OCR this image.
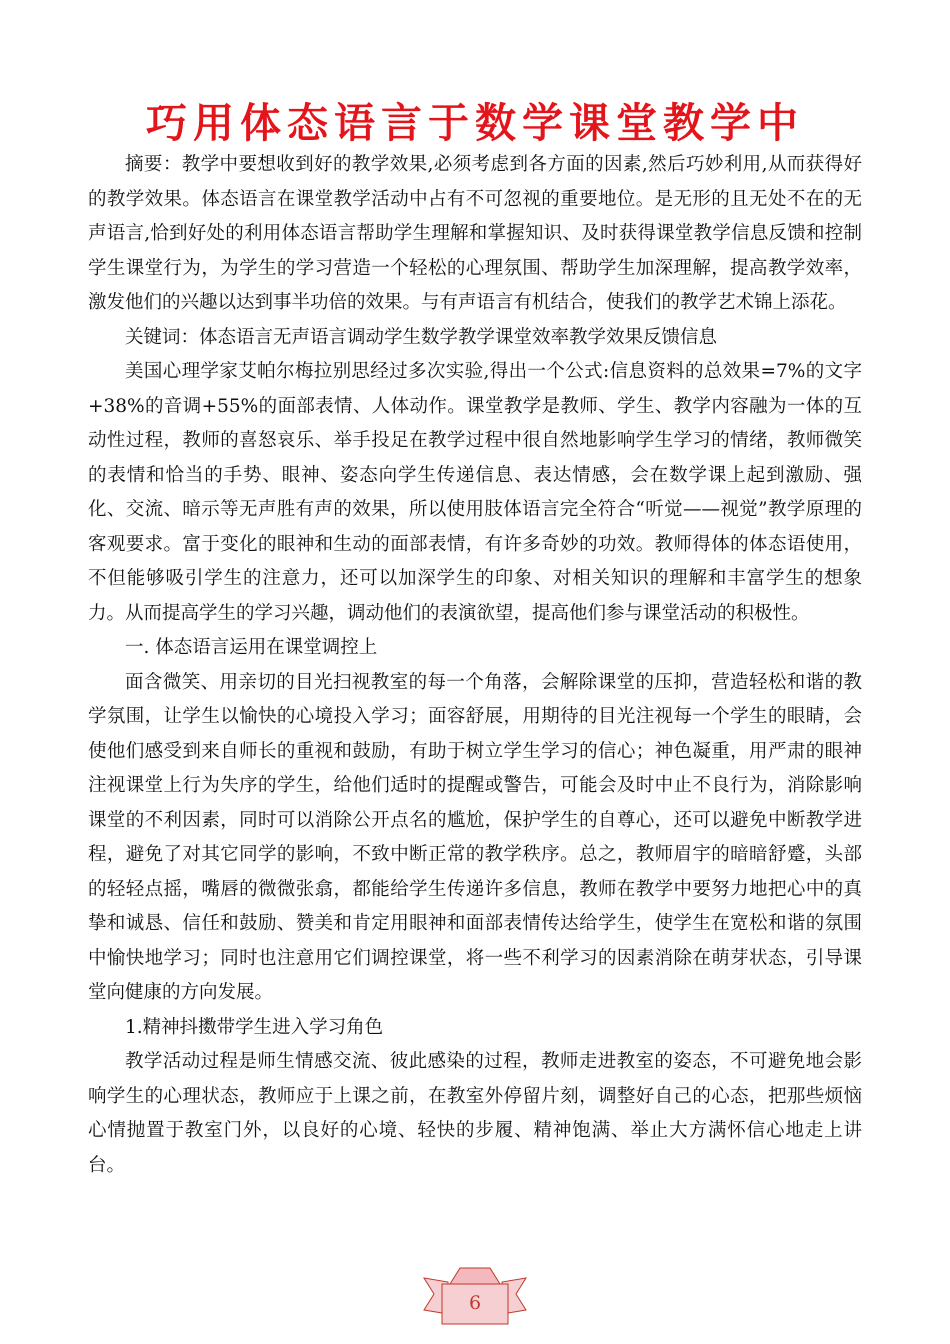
巧用体态语言于数学课堂教学中

摘要：教学中要想收到好的教学效果,必须考虑到各方面的因素,然后巧妙利用,从而获得好的教学效果。体态语言在课堂教学活动中占有不可忽视的重要地位。是无形的且无处不在的无声语言,恰到好处的利用体态语言帮助学生理解和掌握知识、及时获得课堂教学信息反馈和控制学生课堂行为，为学生的学习营造一个轻松的心理氛围、帮助学生加深理解，提高教学效率，激发他们的兴趣以达到事半功倍的效果。与有声语言有机结合，使我们的教学艺术锦上添花。

关键词：体态语言无声语言调动学生数学教学课堂效率教学效果反馈信息

美国心理学家艾帕尔梅拉别思经过多次实验,得出一个公式:信息资料的总效果=7%的文字+38%的音调+55%的面部表情、人体动作。课堂教学是教师、学生、教学内容融为一体的互动性过程，教师的喜怒哀乐、举手投足在教学过程中很自然地影响学生学习的情绪，教师微笑的表情和恰当的手势、眼神、姿态向学生传递信息、表达情感，会在数学课上起到激励、强化、交流、暗示等无声胜有声的效果，所以使用肢体语言完全符合“听觉——视觉”教学原理的客观要求。富于变化的眼神和生动的面部表情，有许多奇妙的功效。教师得体的体态语使用，不但能够吸引学生的注意力，还可以加深学生的印象、对相关知识的理解和丰富学生的想象力。从而提高学生的学习兴趣，调动他们的表演欲望，提高他们参与课堂活动的积极性。

一. 体态语言运用在课堂调控上

面含微笑、用亲切的目光扫视教室的每一个角落，会解除课堂的压抑，营造轻松和谐的教学氛围，让学生以愉快的心境投入学习；面容舒展，用期待的目光注视每一个学生的眼睛，会使他们感受到来自师长的重视和鼓励，有助于树立学生学习的信心；神色凝重，用严肃的眼神注视课堂上行为失序的学生，给他们适时的提醒或警告，可能会及时中止不良行为，消除影响课堂的不利因素，同时可以消除公开点名的尴尬，保护学生的自尊心，还可以避免中断教学进程，避免了对其它同学的影响，不致中断正常的教学秩序。总之，教师眉宇的暗暗舒蹙，头部的轻轻点摇，嘴唇的微微张翕，都能给学生传递许多信息，教师在教学中要努力地把心中的真挚和诚恳、信任和鼓励、赞美和肯定用眼神和面部表情传达给学生，使学生在宽松和谐的氛围中愉快地学习；同时也注意用它们调控课堂，将一些不利学习的因素消除在萌芽状态，引导课堂向健康的方向发展。

1.精神抖擞带学生进入学习角色

教学活动过程是师生情感交流、彼此感染的过程，教师走进教室的姿态，不可避免地会影响学生的心理状态，教师应于上课之前，在教室外停留片刻，调整好自己的心态，把那些烦恼心情抛置于教室门外，以良好的心境、轻快的步履、精神饱满、举止大方满怀信心地走上讲台。

6
